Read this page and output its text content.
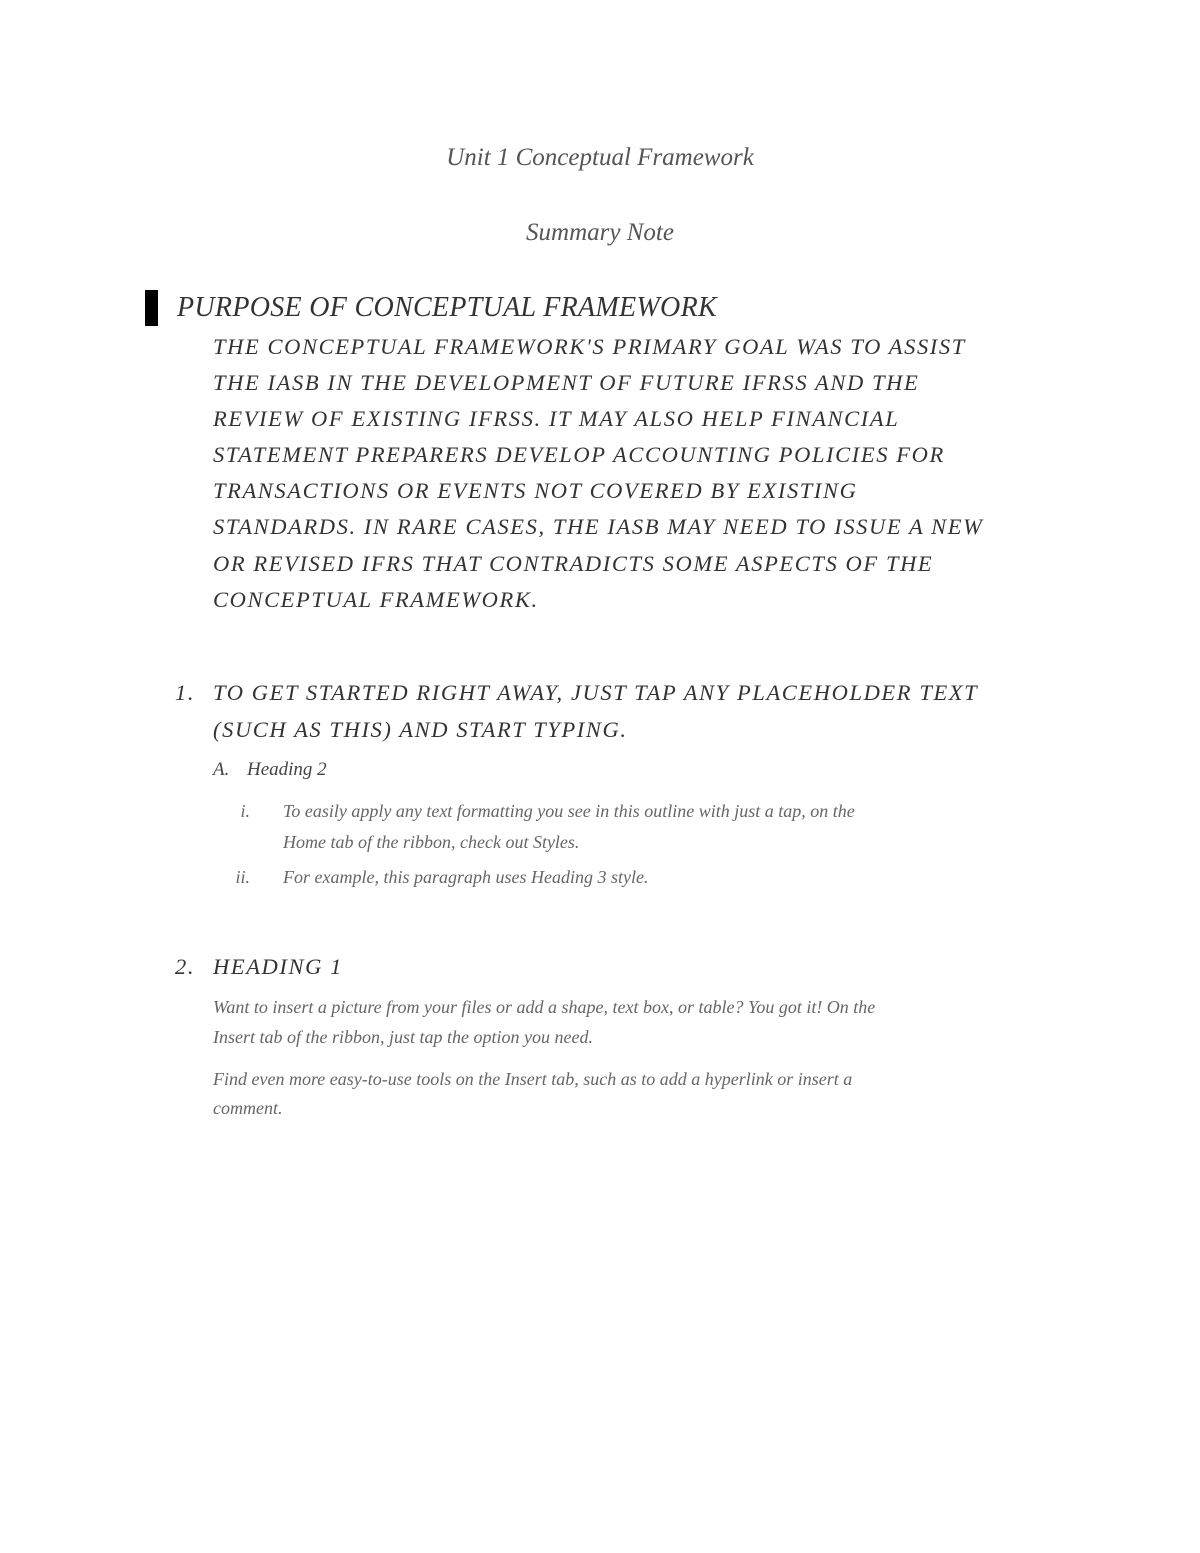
Unit 1 Conceptual Framework
Summary Note
PURPOSE OF CONCEPTUAL FRAMEWORK
THE CONCEPTUAL FRAMEWORK'S PRIMARY GOAL WAS TO ASSIST
THE IASB IN THE DEVELOPMENT OF FUTURE IFRSS AND THE
REVIEW OF EXISTING IFRSS. IT MAY ALSO HELP FINANCIAL
STATEMENT PREPARERS DEVELOP ACCOUNTING POLICIES FOR
TRANSACTIONS OR EVENTS NOT COVERED BY EXISTING
STANDARDS. IN RARE CASES, THE IASB MAY NEED TO ISSUE A NEW
OR REVISED IFRS THAT CONTRADICTS SOME ASPECTS OF THE
CONCEPTUAL FRAMEWORK.
1. TO GET STARTED RIGHT AWAY, JUST TAP ANY PLACEHOLDER TEXT
(SUCH AS THIS) AND START TYPING.
A. Heading 2
i. To easily apply any text formatting you see in this outline with just a tap, on the
Home tab of the ribbon, check out Styles.
ii. For example, this paragraph uses Heading 3 style.
2. HEADING 1
Want to insert a picture from your files or add a shape, text box, or table? You got it! On the
Insert tab of the ribbon, just tap the option you need.
Find even more easy-to-use tools on the Insert tab, such as to add a hyperlink or insert a
comment.
